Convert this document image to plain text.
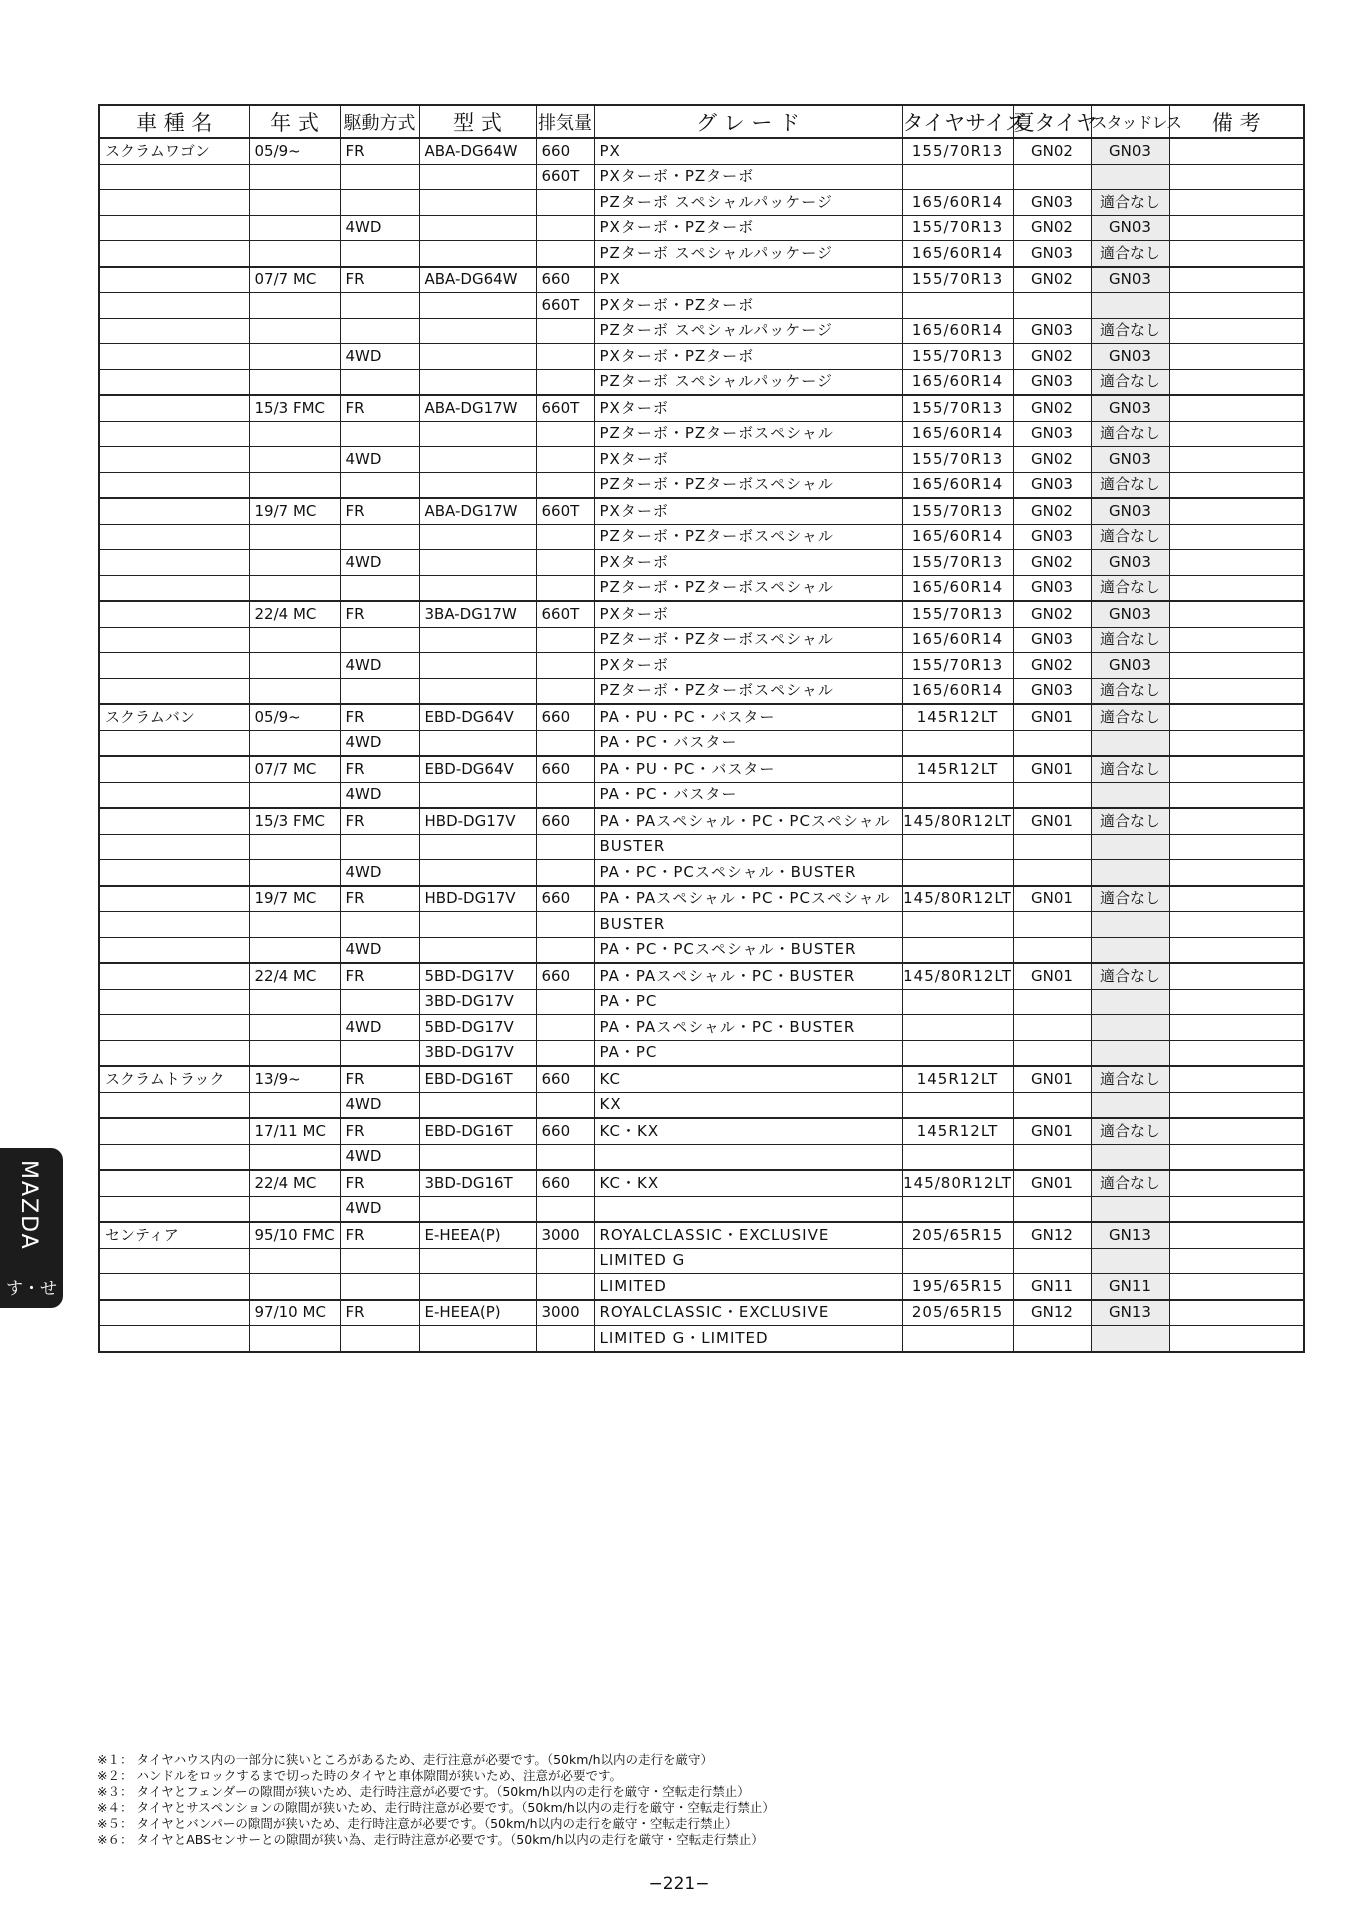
車 種 名	年 式	駆動方式	型 式	排気量	グ レ ー ド	タイヤサイズ	夏タイヤ	スタッドレス	備 考
スクラムワゴン	05/9~	FR	ABA-DG64W	660	PX	155/70R13	GN02	GN03	
				660T	PXターボ・PZターボ				
					PZターボ スペシャルパッケージ	165/60R14	GN03	適合なし	
		4WD			PXターボ・PZターボ	155/70R13	GN02	GN03	
					PZターボ スペシャルパッケージ	165/60R14	GN03	適合なし	
	07/7 MC	FR	ABA-DG64W	660	PX	155/70R13	GN02	GN03	
				660T	PXターボ・PZターボ				
					PZターボ スペシャルパッケージ	165/60R14	GN03	適合なし	
		4WD			PXターボ・PZターボ	155/70R13	GN02	GN03	
					PZターボ スペシャルパッケージ	165/60R14	GN03	適合なし	
	15/3 FMC	FR	ABA-DG17W	660T	PXターボ	155/70R13	GN02	GN03	
					PZターボ・PZターボスペシャル	165/60R14	GN03	適合なし	
		4WD			PXターボ	155/70R13	GN02	GN03	
					PZターボ・PZターボスペシャル	165/60R14	GN03	適合なし	
	19/7 MC	FR	ABA-DG17W	660T	PXターボ	155/70R13	GN02	GN03	
					PZターボ・PZターボスペシャル	165/60R14	GN03	適合なし	
		4WD			PXターボ	155/70R13	GN02	GN03	
					PZターボ・PZターボスペシャル	165/60R14	GN03	適合なし	
	22/4 MC	FR	3BA-DG17W	660T	PXターボ	155/70R13	GN02	GN03	
					PZターボ・PZターボスペシャル	165/60R14	GN03	適合なし	
		4WD			PXターボ	155/70R13	GN02	GN03	
					PZターボ・PZターボスペシャル	165/60R14	GN03	適合なし	
スクラムバン	05/9~	FR	EBD-DG64V	660	PA・PU・PC・バスター	145R12LT	GN01	適合なし	
		4WD			PA・PC・バスター				
	07/7 MC	FR	EBD-DG64V	660	PA・PU・PC・バスター	145R12LT	GN01	適合なし	
		4WD			PA・PC・バスター				
	15/3 FMC	FR	HBD-DG17V	660	PA・PAスペシャル・PC・PCスペシャル	145/80R12LT	GN01	適合なし	
					BUSTER				
		4WD			PA・PC・PCスペシャル・BUSTER				
	19/7 MC	FR	HBD-DG17V	660	PA・PAスペシャル・PC・PCスペシャル	145/80R12LT	GN01	適合なし	
					BUSTER				
		4WD			PA・PC・PCスペシャル・BUSTER				
	22/4 MC	FR	5BD-DG17V	660	PA・PAスペシャル・PC・BUSTER	145/80R12LT	GN01	適合なし	
			3BD-DG17V		PA・PC				
		4WD	5BD-DG17V		PA・PAスペシャル・PC・BUSTER				
			3BD-DG17V		PA・PC				
スクラムトラック	13/9~	FR	EBD-DG16T	660	KC	145R12LT	GN01	適合なし	
		4WD			KX				
	17/11 MC	FR	EBD-DG16T	660	KC・KX	145R12LT	GN01	適合なし	
		4WD							
	22/4 MC	FR	3BD-DG16T	660	KC・KX	145/80R12LT	GN01	適合なし	
		4WD							
センティア	95/10 FMC	FR	E-HEEA(P)	3000	ROYALCLASSIC・EXCLUSIVE	205/65R15	GN12	GN13	
					LIMITED G				
					LIMITED	195/65R15	GN11	GN11	
	97/10 MC	FR	E-HEEA(P)	3000	ROYALCLASSIC・EXCLUSIVE	205/65R15	GN12	GN13	
					LIMITED G・LIMITED				
MAZDA
す・せ
※１： タイヤハウス内の一部分に狭いところがあるため、走行注意が必要です。（50km/h以内の走行を厳守）
※２： ハンドルをロックするまで切った時のタイヤと車体隙間が狭いため、注意が必要です。
※３： タイヤとフェンダーの隙間が狭いため、走行時注意が必要です。（50km/h以内の走行を厳守・空転走行禁止）
※４： タイヤとサスペンションの隙間が狭いため、走行時注意が必要です。（50km/h以内の走行を厳守・空転走行禁止）
※５： タイヤとバンパーの隙間が狭いため、走行時注意が必要です。（50km/h以内の走行を厳守・空転走行禁止）
※６： タイヤとABSセンサーとの隙間が狭い為、走行時注意が必要です。（50km/h以内の走行を厳守・空転走行禁止）
−221−
